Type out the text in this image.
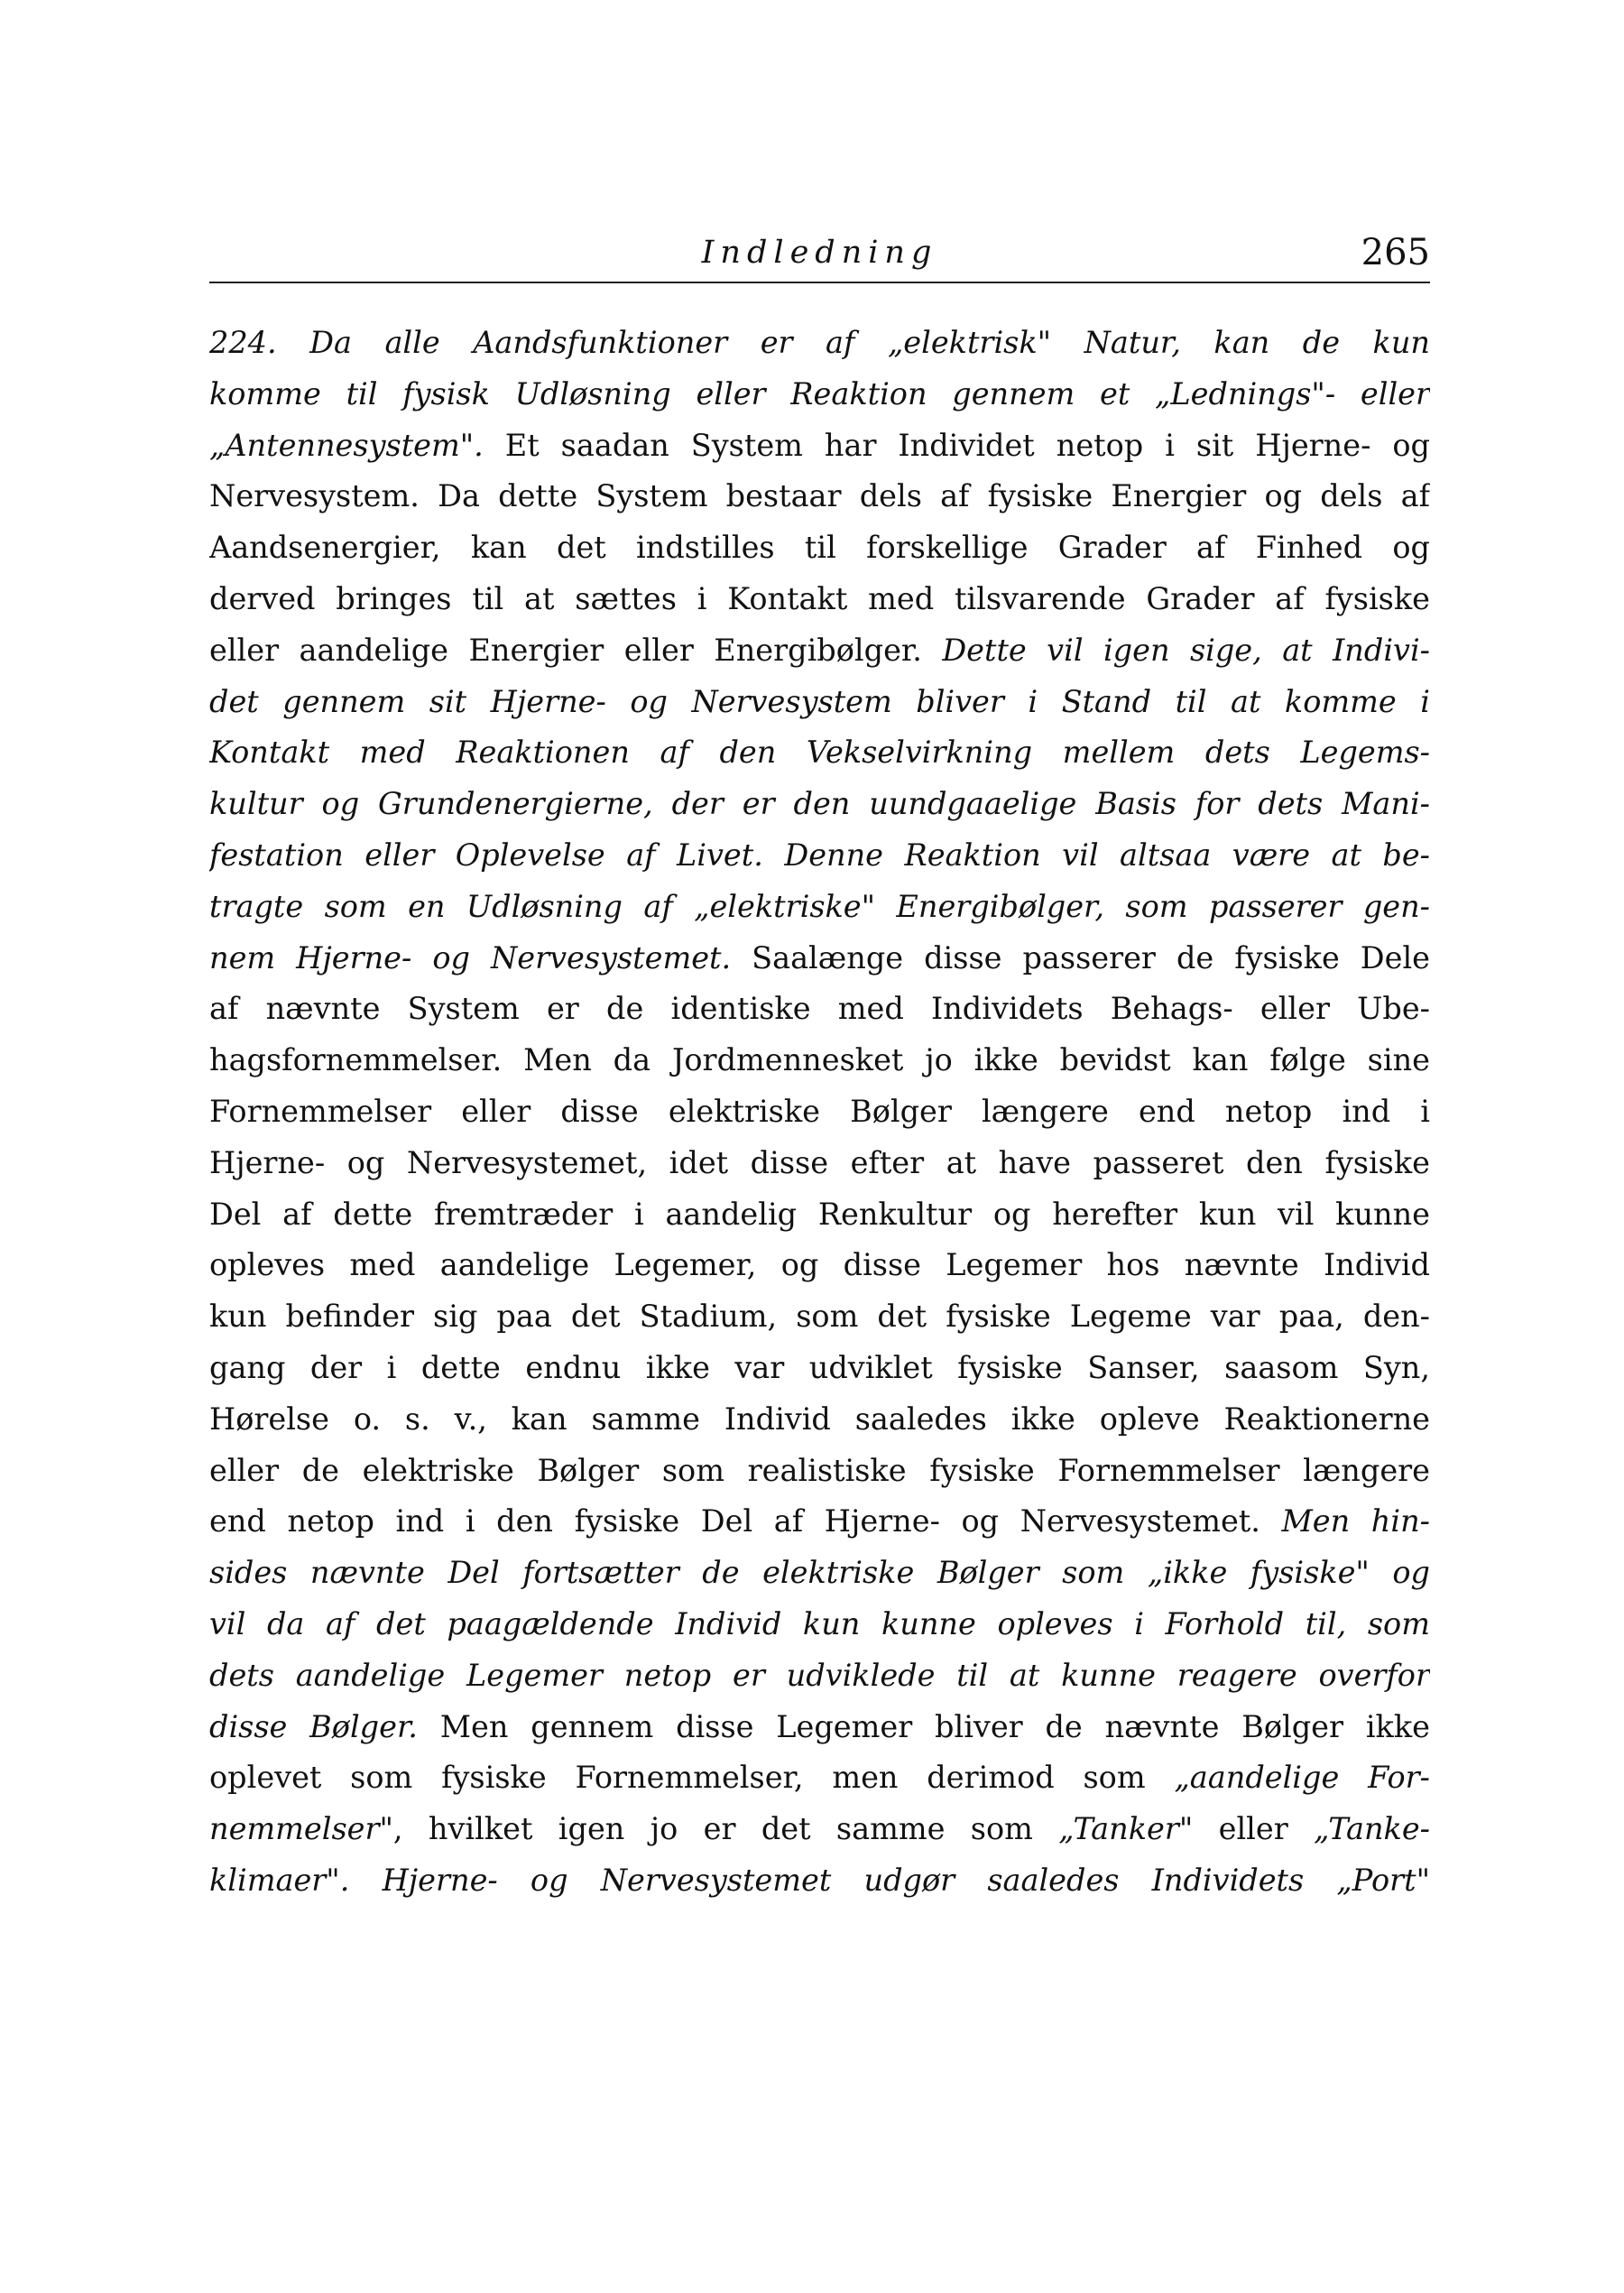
Indledning	265
224. Da alle Aandsfunktioner er af „elektrisk" Natur, kan de kun
komme til fysisk Udløsning eller Reaktion gennem et „Lednings"- eller
„Antennesystem". Et saadan System har Individet netop i sit Hjerne- og
Nervesystem. Da dette System bestaar dels af fysiske Energier og dels af
Aandsenergier, kan det indstilles til forskellige Grader af Finhed og
derved bringes til at sættes i Kontakt med tilsvarende Grader af fysiske
eller aandelige Energier eller Energibølger. Dette vil igen sige, at Indivi-
det gennem sit Hjerne- og Nervesystem bliver i Stand til at komme i
Kontakt med Reaktionen af den Vekselvirkning mellem dets Legems-
kultur og Grundenergierne, der er den uundgaaelige Basis for dets Mani-
festation eller Oplevelse af Livet. Denne Reaktion vil altsaa være at be-
tragte som en Udløsning af „elektriske" Energibølger, som passerer gen-
nem Hjerne- og Nervesystemet. Saalænge disse passerer de fysiske Dele
af nævnte System er de identiske med Individets Behags- eller Ube-
hagsfornemmelser. Men da Jordmennesket jo ikke bevidst kan følge sine
Fornemmelser eller disse elektriske Bølger længere end netop ind i
Hjerne- og Nervesystemet, idet disse efter at have passeret den fysiske
Del af dette fremtræder i aandelig Renkultur og herefter kun vil kunne
opleves med aandelige Legemer, og disse Legemer hos nævnte Individ
kun befinder sig paa det Stadium, som det fysiske Legeme var paa, den-
gang der i dette endnu ikke var udviklet fysiske Sanser, saasom Syn,
Hørelse o. s. v., kan samme Individ saaledes ikke opleve Reaktionerne
eller de elektriske Bølger som realistiske fysiske Fornemmelser længere
end netop ind i den fysiske Del af Hjerne- og Nervesystemet. Men hin-
sides nævnte Del fortsætter de elektriske Bølger som „ikke fysiske" og
vil da af det paagældende Individ kun kunne opleves i Forhold til, som
dets aandelige Legemer netop er udviklede til at kunne reagere overfor
disse Bølger. Men gennem disse Legemer bliver de nævnte Bølger ikke
oplevet som fysiske Fornemmelser, men derimod som „aandelige For-
nemmelser", hvilket igen jo er det samme som „Tanker" eller „Tanke-
klimaer". Hjerne- og Nervesystemet udgør saaledes Individets „Port"
